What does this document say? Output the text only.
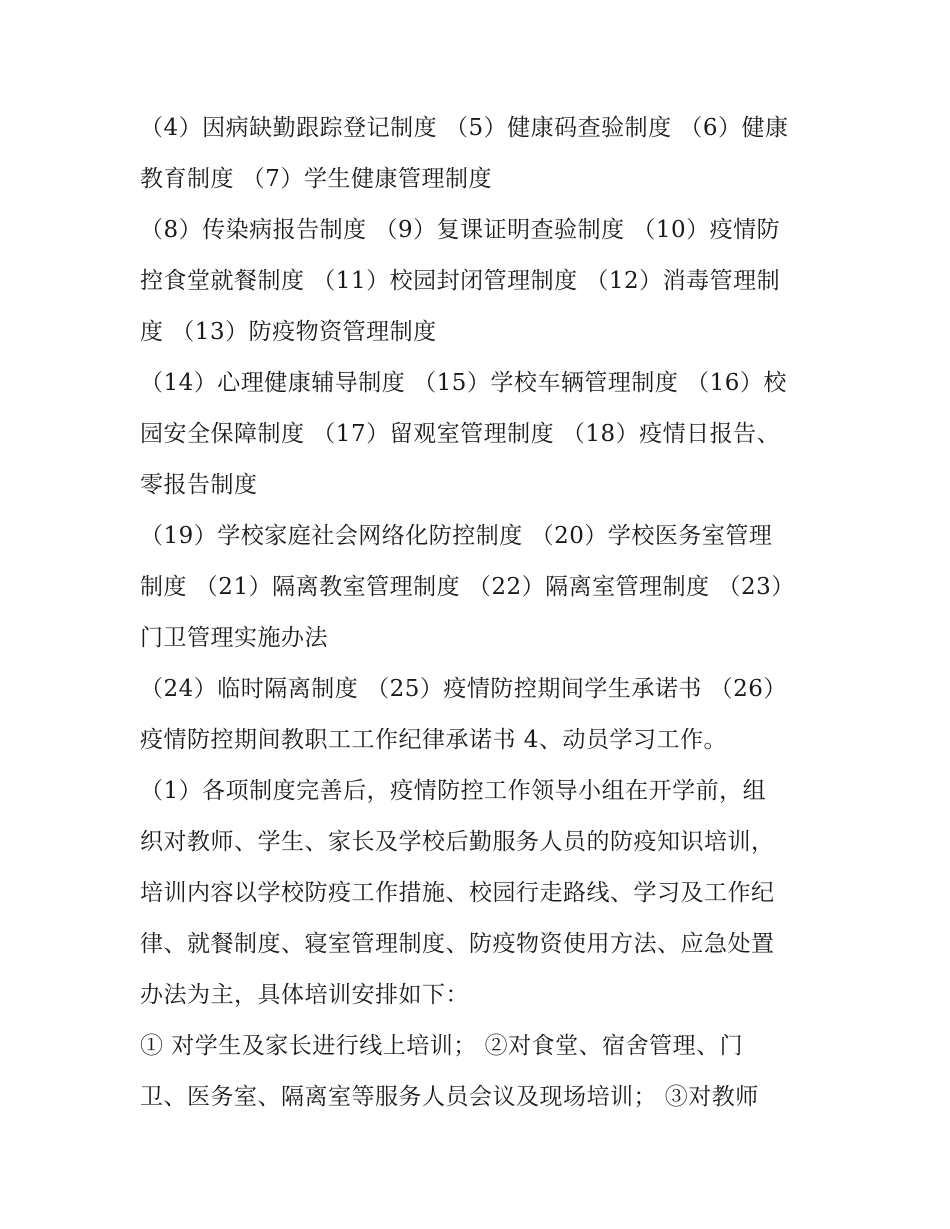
（4）因病缺勤跟踪登记制度 （5）健康码查验制度 （6）健康
教育制度 （7）学生健康管理制度
（8）传染病报告制度 （9）复课证明查验制度 （10）疫情防
控食堂就餐制度 （11）校园封闭管理制度 （12）消毒管理制
度 （13）防疫物资管理制度
（14）心理健康辅导制度 （15）学校车辆管理制度 （16）校
园安全保障制度 （17）留观室管理制度 （18）疫情日报告、
零报告制度
（19）学校家庭社会网络化防控制度 （20）学校医务室管理
制度 （21）隔离教室管理制度 （22）隔离室管理制度 （23）
门卫管理实施办法
（24）临时隔离制度 （25）疫情防控期间学生承诺书 （26）
疫情防控期间教职工工作纪律承诺书 4、动员学习工作。
（1）各项制度完善后，疫情防控工作领导小组在开学前，组
织对教师、学生、家长及学校后勤服务人员的防疫知识培训，
培训内容以学校防疫工作措施、校园行走路线、学习及工作纪
律、就餐制度、寝室管理制度、防疫物资使用方法、应急处置
办法为主，具体培训安排如下：
① 对学生及家长进行线上培训； ②对食堂、宿舍管理、门
卫、医务室、隔离室等服务人员会议及现场培训； ③对教师
